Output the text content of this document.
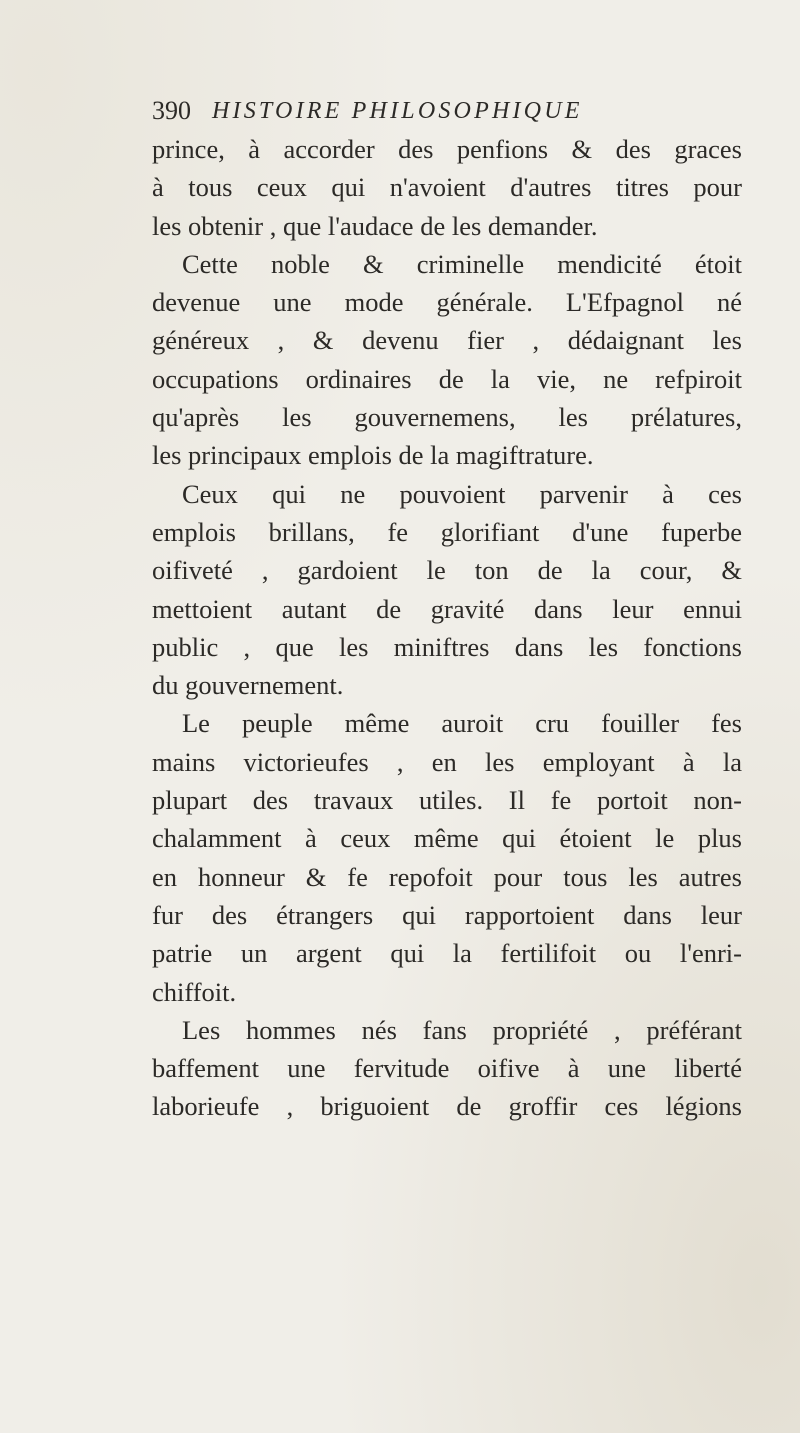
390 HISTOIRE PHILOSOPHIQUE
prince, à accorder des penfions & des graces
à tous ceux qui n'avoient d'autres titres pour
les obtenir , que l'audace de les demander.
Cette noble & criminelle mendicité étoit
devenue une mode générale. L'Efpagnol né
généreux , & devenu fier , dédaignant les
occupations ordinaires de la vie, ne refpiroit
qu'après les gouvernemens, les prélatures,
les principaux emplois de la magiftrature.
Ceux qui ne pouvoient parvenir à ces
emplois brillans, fe glorifiant d'une fuperbe
oifiveté , gardoient le ton de la cour, &
mettoient autant de gravité dans leur ennui
public , que les miniftres dans les fonctions
du gouvernement.
Le peuple même auroit cru fouiller fes
mains victorieufes , en les employant à la
plupart des travaux utiles. Il fe portoit non-
chalamment à ceux même qui étoient le plus
en honneur & fe repofoit pour tous les autres
fur des étrangers qui rapportoient dans leur
patrie un argent qui la fertilifoit ou l'enri-
chiffoit.
Les hommes nés fans propriété , préférant
baffement une fervitude oifive à une liberté
laborieufe , briguoient de groffir ces légions
